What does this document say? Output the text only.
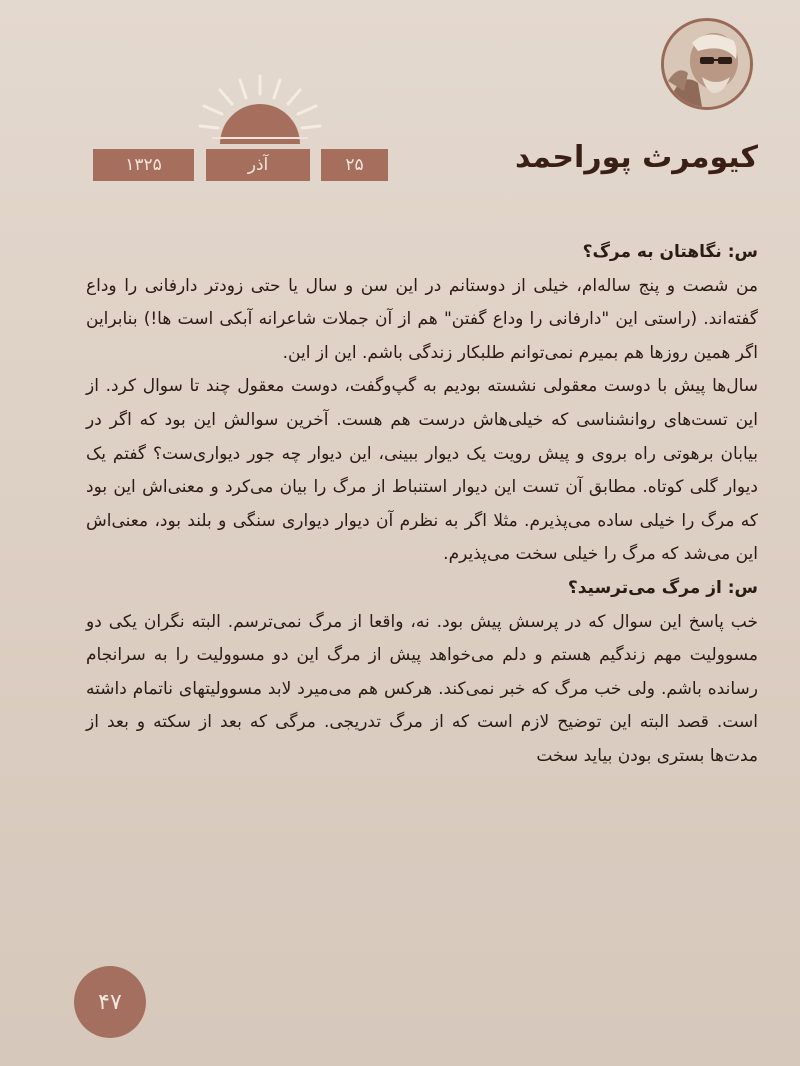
کیومرث پوراحمد
۲۵
آذر
۱۳۲۵

س: نگاهتان به مرگ؟

من شصت و پنج ساله‌ام، خیلی از دوستانم در این سن و سال یا حتی زودتر دارفانی را وداع گفته‌اند. (راستی این "دارفانی را وداع گفتن" هم از آن جملات شاعرانه آبکی است ها!) بنابراین اگر همین روزها هم بمیرم نمی‌توانم طلبکار زندگی باشم. این از این.

سال‌ها پیش با دوست معقولی نشسته بودیم به گپ‌وگفت، دوست معقول چند تا سوال کرد. از این تست‌های روانشناسی که خیلی‌هاش درست هم هست. آخرین سوالش این بود که اگر در بیابان برهوتی راه بروی و پیش رویت یک دیوار ببینی، این دیوار چه جور دیواری‌ست؟ گفتم یک دیوار گلی کوتاه. مطابق آن تست این دیوار استنباط از مرگ را بیان می‌کرد و معنی‌اش این بود که مرگ را خیلی ساده می‌پذیرم. مثلا اگر به نظرم آن دیوار دیواری سنگی و بلند بود، معنی‌اش این می‌شد که مرگ را خیلی سخت می‌پذیرم.

س: از مرگ می‌ترسید؟

خب پاسخ این سوال که در پرسش پیش بود. نه، واقعا از مرگ نمی‌ترسم. البته نگران یکی دو مسوولیت مهم زندگیم هستم و دلم می‌خواهد پیش از مرگ این دو مسوولیت را به سرانجام رسانده باشم. ولی خب مرگ که خبر نمی‌کند. هرکس هم می‌میرد لابد مسوولیتهای ناتمام داشته است. قصد البته این توضیح لازم است که از مرگ تدریجی. مرگی که بعد از سکته و بعد از مدت‌ها بستری بودن بیاید سخت

۴۷
